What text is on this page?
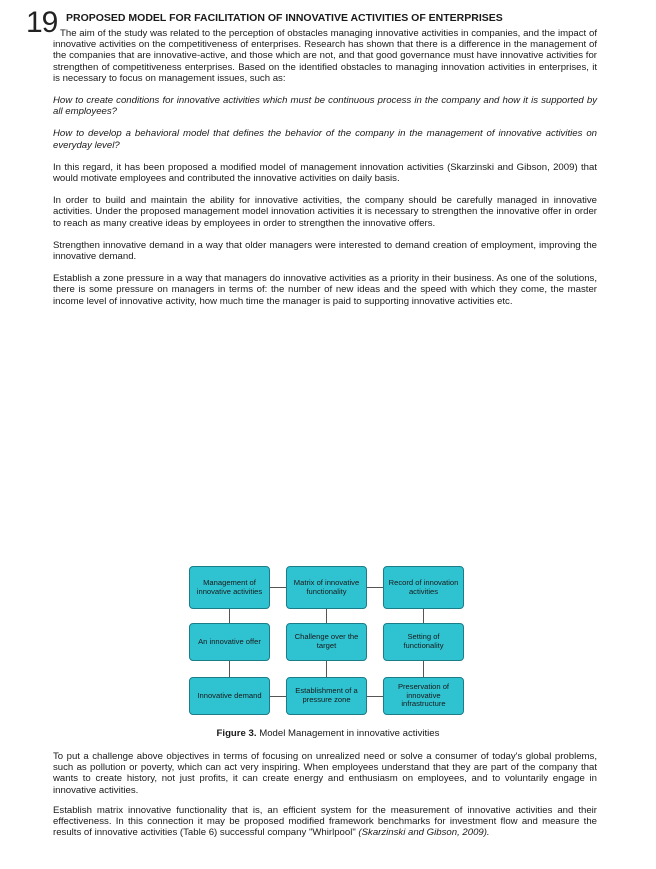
19 PROPOSED MODEL FOR FACILITATION OF INNOVATIVE ACTIVITIES OF ENTERPRISES

The aim of the study was related to the perception of obstacles managing innovative activities in companies, and the impact of innovative activities on the competitiveness of enterprises. Research has shown that there is a difference in the management of the companies that are innovative-active, and those which are not, and that good governance must have innovative activities for strengthen of competitiveness enterprises. Based on the identified obstacles to managing innovation activities in enterprises, it is necessary to focus on management issues, such as:

How to create conditions for innovative activities which must be continuous process in the company and how it is supported by all employees?

How to develop a behavioral model that defines the behavior of the company in the management of innovative activities on everyday level?

In this regard, it has been proposed a modified model of management innovation activities (Skarzinski and Gibson, 2009) that would motivate employees and contributed the innovative activities on daily basis.

In order to build and maintain the ability for innovative activities, the company should be carefully managed in innovative activities. Under the proposed management model innovation activities it is necessary to strengthen the innovative offer in order to reach as many creative ideas by employees in order to strengthen the innovative offers.

Strengthen innovative demand in a way that older managers were interested to demand creation of employment, improving the innovative demand.

Establish a zone pressure in a way that managers do innovative activities as a priority in their business. As one of the solutions, there is some pressure on managers in terms of: the number of new ideas and the speed with which they come, the master income level of innovative activity, how much time the manager is paid to supporting innovative activities etc.

Management of innovative activities
Matrix of innovative functionality
Record of innovation activities
An innovative offer	Challenge over the target
Setting of functionality
Innovative demand	Establishment of a pressure zone
Preservation of innovative infrastructure
Figure 3. Model Management in innovative activities

To put a challenge above objectives in terms of focusing on unrealized need or solve a consumer of today's global problems, such as pollution or poverty, which can act very inspiring. When employees understand that they are part of the company that wants to create history, not just profits, it can create energy and enthusiasm on employees, and to voluntarily engage in innovative activities.

Establish matrix innovative functionality that is, an efficient system for the measurement of innovative activities and their effectiveness. In this connection it may be proposed modified framework benchmarks for investment flow and measure the results of innovative activities (Table 6) successful company "Whirlpool" (Skarzinski and Gibson, 2009).
